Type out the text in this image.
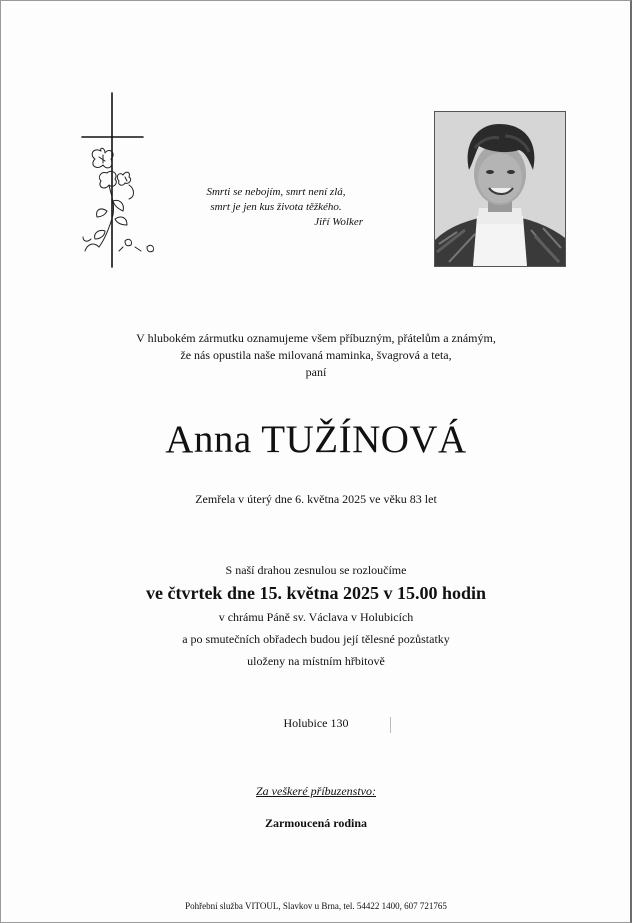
Smrti se nebojím, smrt není zlá,
smrt je jen kus života těžkého.
Jiří Wolker
V hlubokém zármutku oznamujeme všem příbuzným, přátelům a známým,
že nás opustila naše milovaná maminka, švagrová a teta,
paní
Anna TUŽÍNOVÁ
Zemřela v úterý dne 6. května 2025 ve věku 83 let
S naší drahou zesnulou se rozloučíme
ve čtvrtek dne 15. května 2025 v 15.00 hodin
v chrámu Páně sv. Václava v Holubicích
a po smutečních obřadech budou její tělesné pozůstatky
uloženy na místním hřbitově
Holubice 130
Za veškeré příbuzenstvo:
Zarmoucená rodina
Pohřební služba VITOUL, Slavkov u Brna, tel. 54422 1400, 607 721765
